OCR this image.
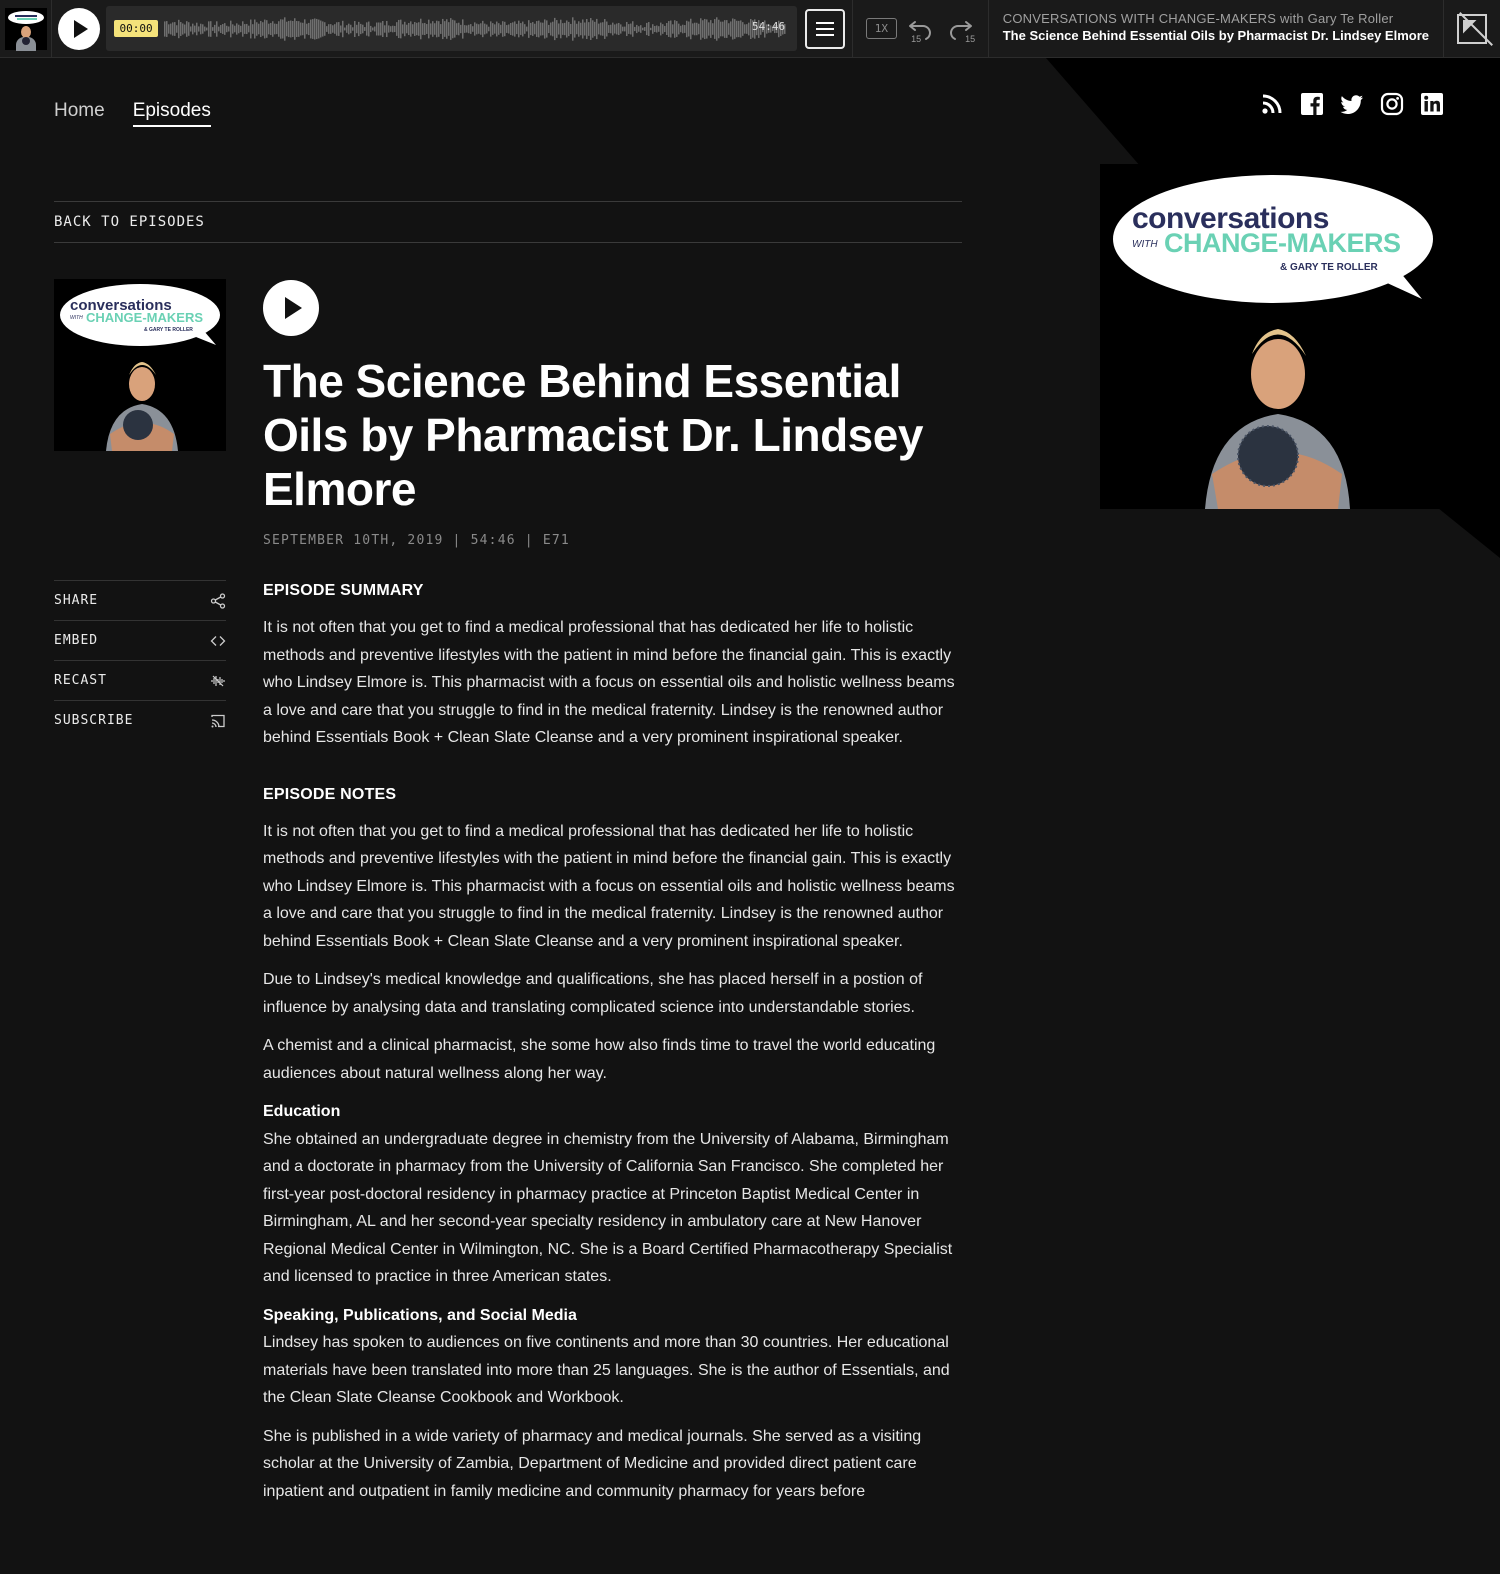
00:00	54:46	1X
15	15
CONVERSATIONS WITH CHANGE-MAKERS with Gary Te Roller
The Science Behind Essential Oils by Pharmacist Dr. Lindsey Elmore
Home Episodes
conversations
WITH CHANGE-MAKERS
& GARY TE ROLLER
BACK TO EPISODES
conversations
WITH CHANGE-MAKERS
& GARY TE ROLLER
SHARE
EMBED
RECAST
SUBSCRIBE
The Science Behind Essential Oils by Pharmacist Dr. Lindsey Elmore
SEPTEMBER 10TH, 2019 | 54:46 | E71
EPISODE SUMMARY

It is not often that you get to find a medical professional that has dedicated her life to holistic methods and preventive lifestyles with the patient in mind before the financial gain. This is exactly who Lindsey Elmore is. This pharmacist with a focus on essential oils and holistic wellness beams a love and care that you struggle to find in the medical fraternity. Lindsey is the renowned author behind Essentials Book + Clean Slate Cleanse and a very prominent inspirational speaker.

EPISODE NOTES

It is not often that you get to find a medical professional that has dedicated her life to holistic methods and preventive lifestyles with the patient in mind before the financial gain. This is exactly who Lindsey Elmore is. This pharmacist with a focus on essential oils and holistic wellness beams a love and care that you struggle to find in the medical fraternity. Lindsey is the renowned author behind Essentials Book + Clean Slate Cleanse and a very prominent inspirational speaker.

Due to Lindsey's medical knowledge and qualifications, she has placed herself in a postion of influence by analysing data and translating complicated science into understandable stories.

A chemist and a clinical pharmacist, she some how also finds time to travel the world educating audiences about natural wellness along her way.

Education

She obtained an undergraduate degree in chemistry from the University of Alabama, Birmingham and a doctorate in pharmacy from the University of California San Francisco. She completed her first-year post-doctoral residency in pharmacy practice at Princeton Baptist Medical Center in Birmingham, AL and her second-year specialty residency in ambulatory care at New Hanover Regional Medical Center in Wilmington, NC. She is a Board Certified Pharmacotherapy Specialist and licensed to practice in three American states.

Speaking, Publications, and Social Media

Lindsey has spoken to audiences on five continents and more than 30 countries. Her educational materials have been translated into more than 25 languages. She is the author of Essentials, and the Clean Slate Cleanse Cookbook and Workbook.

She is published in a wide variety of pharmacy and medical journals. She served as a visiting scholar at the University of Zambia, Department of Medicine and provided direct patient care inpatient and outpatient in family medicine and community pharmacy for years before
